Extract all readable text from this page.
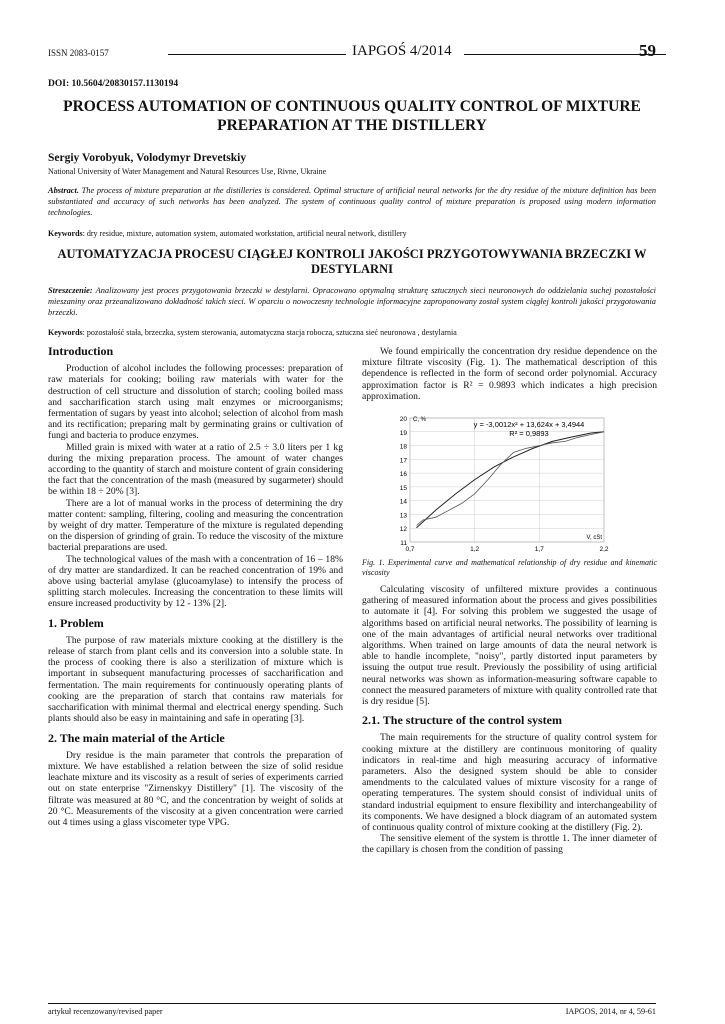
ISSN 2083-0157	IAPGOŚ 4/2014	59
DOI: 10.5604/20830157.1130194
PROCESS AUTOMATION OF CONTINUOUS QUALITY CONTROL OF MIXTURE PREPARATION AT THE DISTILLERY
Sergiy Vorobyuk, Volodymyr Drevetskiy
National University of Water Management and Natural Resources Use, Rivne, Ukraine
Abstract. The process of mixture preparation at the distilleries is considered. Optimal structure of artificial neural networks for the dry residue of the mixture definition has been substantiated and accuracy of such networks has been analyzed. The system of continuous quality control of mixture preparation is proposed using modern information technologies.
Keywords: dry residue, mixture, automation system, automated workstation, artificial neural network, distillery
AUTOMATYZACJA PROCESU CIĄGŁEJ KONTROLI JAKOŚCI PRZYGOTOWYWANIA BRZECZKI W DESTYLARNI
Streszczenie: Analizowany jest proces przygotowania brzeczki w destylarni. Opracowano optymalną strukturę sztucznych sieci neuronowych do oddzielania suchej pozostałości mieszaniny oraz przeanalizowano dokładność takich sieci. W oparciu o nowoczesny technologie informacyjne zaproponowany został system ciągłej kontroli jakości przygotowania brzeczki.
Keywords: pozostałość stała, brzeczka, system sterowania, automatyczna stacja robocza, sztuczna sieć neuronowa , destylarnia
Introduction

Production of alcohol includes the following processes: preparation of raw materials for cooking; boiling raw materials with water for the destruction of cell structure and dissolution of starch; cooling boiled mass and saccharification starch using malt enzymes or microorganisms; fermentation of sugars by yeast into alcohol; selection of alcohol from mash and its rectification; preparing malt by germinating grains or cultivation of fungi and bacteria to produce enzymes.

Milled grain is mixed with water at a ratio of 2.5 ÷ 3.0 liters per 1 kg during the mixing preparation process. The amount of water changes according to the quantity of starch and moisture content of grain considering the fact that the concentration of the mash (measured by sugarmeter) should be within 18 ÷ 20% [3].

There are a lot of manual works in the process of determining the dry matter content: sampling, filtering, cooling and measuring the concentration by weight of dry matter. Temperature of the mixture is regulated depending on the dispersion of grinding of grain. To reduce the viscosity of the mixture bacterial preparations are used.

The technological values of the mash with a concentration of 16 – 18% of dry matter are standardized. It can be reached concentration of 19% and above using bacterial amylase (glucoamylase) to intensify the process of splitting starch molecules. Increasing the concentration to these limits will ensure increased productivity by 12 - 13% [2].

1. Problem

The purpose of raw materials mixture cooking at the distillery is the release of starch from plant cells and its conversion into a soluble state. In the process of cooking there is also a sterilization of mixture which is important in subsequent manufacturing processes of saccharification and fermentation. The main requirements for continuously operating plants of cooking are the preparation of starch that contains raw materials for saccharification with minimal thermal and electrical energy spending. Such plants should also be easy in maintaining and safe in operating [3].

2. The main material of the Article

Dry residue is the main parameter that controls the preparation of mixture. We have established a relation between the size of solid residue leachate mixture and its viscosity as a result of series of experiments carried out on state enterprise "Zirnenskyy Distillery" [1]. The viscosity of the filtrate was measured at 80 °C, and the concentration by weight of solids at 20 °C. Measurements of the viscosity at a given concentration were carried out 4 times using a glass viscometer type VPG.

We found empirically the concentration dry residue dependence on the mixture filtrate viscosity (Fig. 1). The mathematical description of this dependence is reflected in the form of second order polynomial. Accuracy approximation factor is R² = 0.9893 which indicates a high precision approximation.

11
12
13
14
15
16
17
18
19
20
0,7	1,2	1,7	2,2
C, %
V, cSt
y = -3,0012x² + 13,624x + 3,4944
R² = 0,9893
Fig. 1. Experimental curve and mathematical relationship of dry residue and kinematic viscosity

Calculating viscosity of unfiltered mixture provides a continuous gathering of measured information about the process and gives possibilities to automate it [4]. For solving this problem we suggested the usage of algorithms based on artificial neural networks. The possibility of learning is one of the main advantages of artificial neural networks over traditional algorithms. When trained on large amounts of data the neural network is able to handle incomplete, "noisy", partly distorted input parameters by issuing the output true result. Previously the possibility of using artificial neural networks was shown as information-measuring software capable to connect the measured parameters of mixture with quality controlled rate that is dry residue [5].

2.1. The structure of the control system

The main requirements for the structure of quality control system for cooking mixture at the distillery are continuous monitoring of quality indicators in real-time and high measuring accuracy of informative parameters. Also the designed system should be able to consider amendments to the calculated values of mixture viscosity for a range of operating temperatures. The system should consist of individual units of standard industrial equipment to ensure flexibility and interchangeability of its components. We have designed a block diagram of an automated system of continuous quality control of mixture cooking at the distillery (Fig. 2).

The sensitive element of the system is throttle 1. The inner diameter of the capillary is chosen from the condition of passing

artykuł recenzowany/revised paper	IAPGOS, 2014, nr 4, 59-61
